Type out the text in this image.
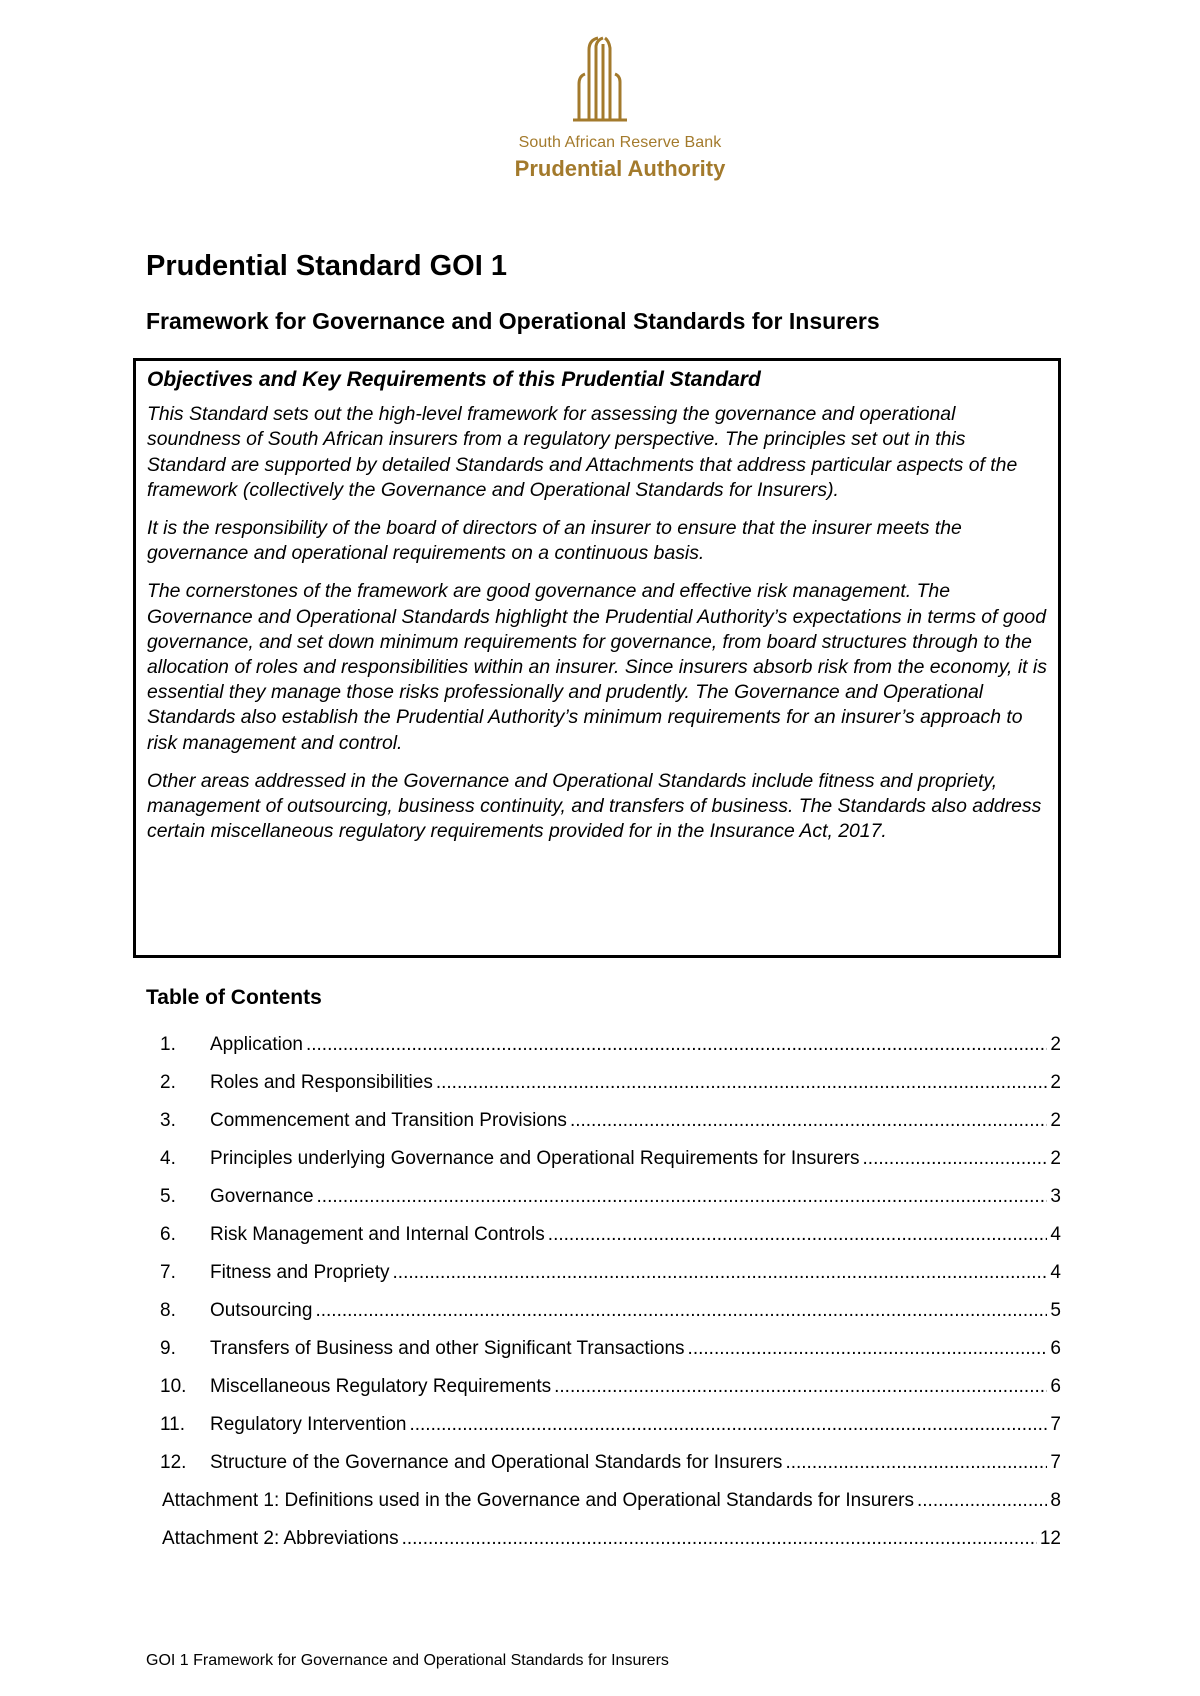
South African Reserve Bank
Prudential Authority
Prudential Standard GOI 1
Framework for Governance and Operational Standards for Insurers

Objectives and Key Requirements of this Prudential Standard

This Standard sets out the high-level framework for assessing the governance and operational soundness of South African insurers from a regulatory perspective. The principles set out in this Standard are supported by detailed Standards and Attachments that address particular aspects of the framework (collectively the Governance and Operational Standards for Insurers).

It is the responsibility of the board of directors of an insurer to ensure that the insurer meets the governance and operational requirements on a continuous basis.

The cornerstones of the framework are good governance and effective risk management. The Governance and Operational Standards highlight the Prudential Authority’s expectations in terms of good governance, and set down minimum requirements for governance, from board structures through to the allocation of roles and responsibilities within an insurer. Since insurers absorb risk from the economy, it is essential they manage those risks professionally and prudently. The Governance and Operational Standards also establish the Prudential Authority’s minimum requirements for an insurer’s approach to risk management and control.

Other areas addressed in the Governance and Operational Standards include fitness and propriety, management of outsourcing, business continuity, and transfers of business. The Standards also address certain miscellaneous regulatory requirements provided for in the Insurance Act, 2017.

Table of Contents
1.	Application .....	2
2.	Roles and Responsibilities .....	2
3.	Commencement and Transition Provisions .....	2
4.	Principles underlying Governance and Operational Requirements for Insurers .....	2
5.	Governance .....	3
6.	Risk Management and Internal Controls .....	4
7.	Fitness and Propriety .....	4
8.	Outsourcing .....	5
9.	Transfers of Business and other Significant Transactions .....	6
10.	Miscellaneous Regulatory Requirements .....	6
11.	Regulatory Intervention .....	7
12.	Structure of the Governance and Operational Standards for Insurers .....	7
Attachment 1: Definitions used in the Governance and Operational Standards for Insurers .....	8
Attachment 2: Abbreviations .....	12

GOI 1 Framework for Governance and Operational Standards for Insurers
